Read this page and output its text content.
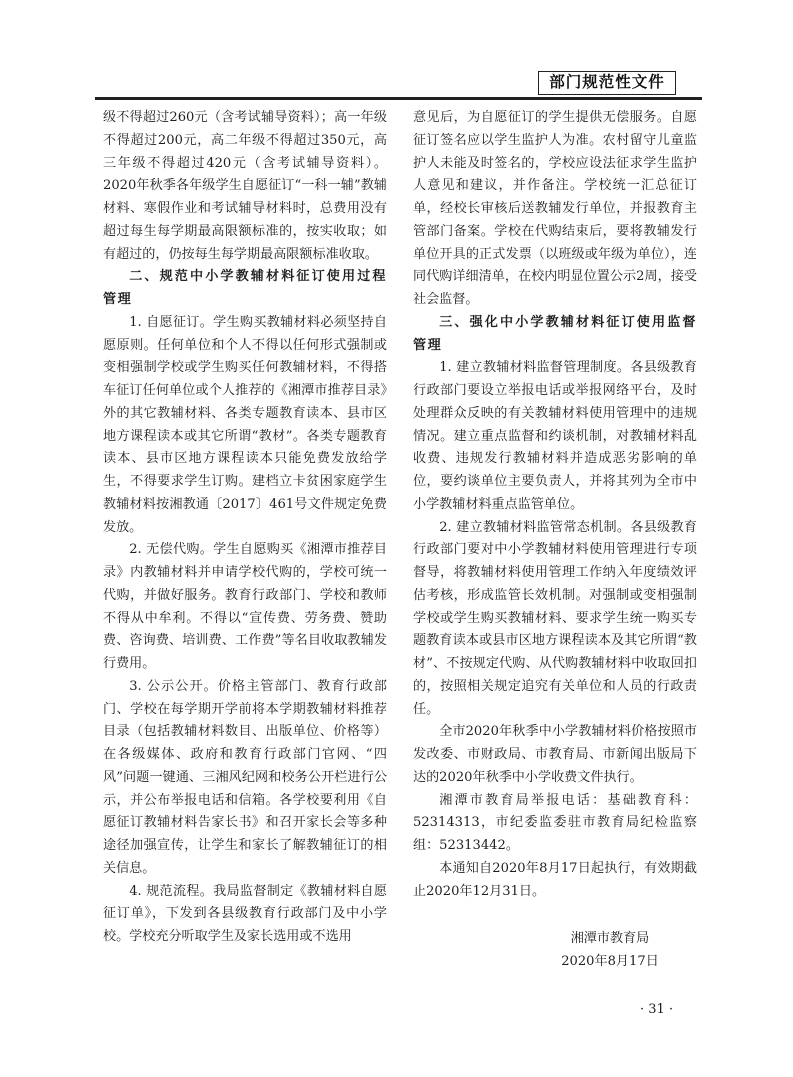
部门规范性文件

级不得超过260元（含考试辅导资料）；高一年级不得超过200元，高二年级不得超过350元，高三年级不得超过420元（含考试辅导资料）。2020年秋季各年级学生自愿征订“一科一辅”教辅材料、寒假作业和考试辅导材料时，总费用没有超过每生每学期最高限额标准的，按实收取；如有超过的，仍按每生每学期最高限额标准收取。

二、规范中小学教辅材料征订使用过程管理

1. 自愿征订。学生购买教辅材料必须坚持自愿原则。任何单位和个人不得以任何形式强制或变相强制学校或学生购买任何教辅材料，不得搭车征订任何单位或个人推荐的《湘潭市推荐目录》外的其它教辅材料、各类专题教育读本、县市区地方课程读本或其它所谓“教材”。各类专题教育读本、县市区地方课程读本只能免费发放给学生，不得要求学生订购。建档立卡贫困家庭学生教辅材料按湘教通〔2017〕461号文件规定免费发放。

2. 无偿代购。学生自愿购买《湘潭市推荐目录》内教辅材料并申请学校代购的，学校可统一代购，并做好服务。教育行政部门、学校和教师不得从中牟利。不得以“宣传费、劳务费、赞助费、咨询费、培训费、工作费”等名目收取教辅发行费用。

3. 公示公开。价格主管部门、教育行政部门、学校在每学期开学前将本学期教辅材料推荐目录（包括教辅材料数目、出版单位、价格等）在各级媒体、政府和教育行政部门官网、“四风”问题一键通、三湘风纪网和校务公开栏进行公示，并公布举报电话和信箱。各学校要利用《自愿征订教辅材料告家长书》和召开家长会等多种途径加强宣传，让学生和家长了解教辅征订的相关信息。

4. 规范流程。我局监督制定《教辅材料自愿征订单》，下发到各县级教育行政部门及中小学校。学校充分听取学生及家长选用或不选用

意见后，为自愿征订的学生提供无偿服务。自愿征订签名应以学生监护人为准。农村留守儿童监护人未能及时签名的，学校应设法征求学生监护人意见和建议，并作备注。学校统一汇总征订单，经校长审核后送教辅发行单位，并报教育主管部门备案。学校在代购结束后，要将教辅发行单位开具的正式发票（以班级或年级为单位），连同代购详细清单，在校内明显位置公示2周，接受社会监督。

三、强化中小学教辅材料征订使用监督管理

1. 建立教辅材料监督管理制度。各县级教育行政部门要设立举报电话或举报网络平台，及时处理群众反映的有关教辅材料使用管理中的违规情况。建立重点监督和约谈机制，对教辅材料乱收费、违规发行教辅材料并造成恶劣影响的单位，要约谈单位主要负责人，并将其列为全市中小学教辅材料重点监管单位。

2. 建立教辅材料监管常态机制。各县级教育行政部门要对中小学教辅材料使用管理进行专项督导，将教辅材料使用管理工作纳入年度绩效评估考核，形成监管长效机制。对强制或变相强制学校或学生购买教辅材料、要求学生统一购买专题教育读本或县市区地方课程读本及其它所谓“教材”、不按规定代购、从代购教辅材料中收取回扣的，按照相关规定追究有关单位和人员的行政责任。

全市2020年秋季中小学教辅材料价格按照市发改委、市财政局、市教育局、市新闻出版局下达的2020年秋季中小学收费文件执行。

湘潭市教育局举报电话：基础教育科：52314313，市纪委监委驻市教育局纪检监察组：52313442。

本通知自2020年8月17日起执行，有效期截止2020年12月31日。

湘潭市教育局
2020年8月17日
· 31 ·
